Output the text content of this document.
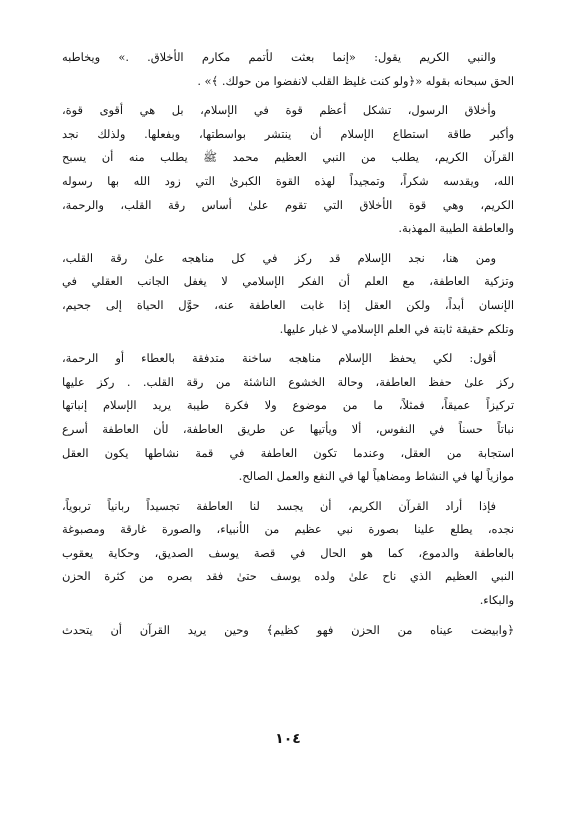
والنبي الكريم يقول: «إنما بعثت لأتمم مكارم الأخلاق. .» ويخاطبه
الحق سبحانه بقوله «﴿ولو كنت غليظ القلب لانفضوا من حولك. ﴾» .
وأخلاق الرسول، تشكل أعظم قوة في الإسلام، بل هي أقوى قوة،
وأكبر طاقة استطاع الإسلام أن ينتشر بواسطتها، وبفعلها. ولذلك نجد
القرآن الكريم، يطلب من النبي العظيم محمد ﷺ يطلب منه أن يسبح
الله، ويقدسه شكراً، وتمجيداً لهذه القوة الكبرىٰ التي زود الله بها رسوله
الكريم، وهي قوة الأخلاق التي تقوم علىٰ أساس رقة القلب، والرحمة،
والعاطفة الطيبة المهذبة.
ومن هنا، نجد الإسلام قد ركز في كل مناهجه علىٰ رقة القلب،
وتزكية العاطفة، مع العلم أن الفكر الإسلامي لا يغفل الجانب العقلي في
الإنسان أبداً، ولكن العقل إذا غابت العاطفة عنه، حوَّل الحياة إلى جحيم،
وتلكم حقيقة ثابتة في العلم الإسلامي لا غبار عليها.
أقول: لكي يحفظ الإسلام مناهجه ساخنة متدفقة بالعطاء أو الرحمة،
ركز علىٰ حفظ العاطفة، وحالة الخشوع الناشئة من رقة القلب. . ركز عليها
تركيزاً عميقاً، فمثلاً، ما من موضوع ولا فكرة طيبة يريد الإسلام إنباتها
نباتاً حسناً في النفوس، ألا ويأتيها عن طريق العاطفة، لأن العاطفة أسرع
استجابة من العقل، وعندما تكون العاطفة في قمة نشاطها يكون العقل
موازياً لها في النشاط ومضاهياً لها في النفع والعمل الصالح.
فإذا أراد القرآن الكريم، أن يجسد لنا العاطفة تجسيداً ربانياً تربوياً،
نجده، يطلع علينا بصورة نبي عظيم من الأنبياء، والصورة غارقة ومصبوغة
بالعاطفة والدموع، كما هو الحال في قصة يوسف الصديق، وحكاية يعقوب
النبي العظيم الذي ناح علىٰ ولده يوسف حتىٰ فقد بصره من كثرة الحزن
والبكاء.
﴿وابيضت عيناه من الحزن فهو كظيم﴾ وحين يريد القرآن أن يتحدث
١٠٤
